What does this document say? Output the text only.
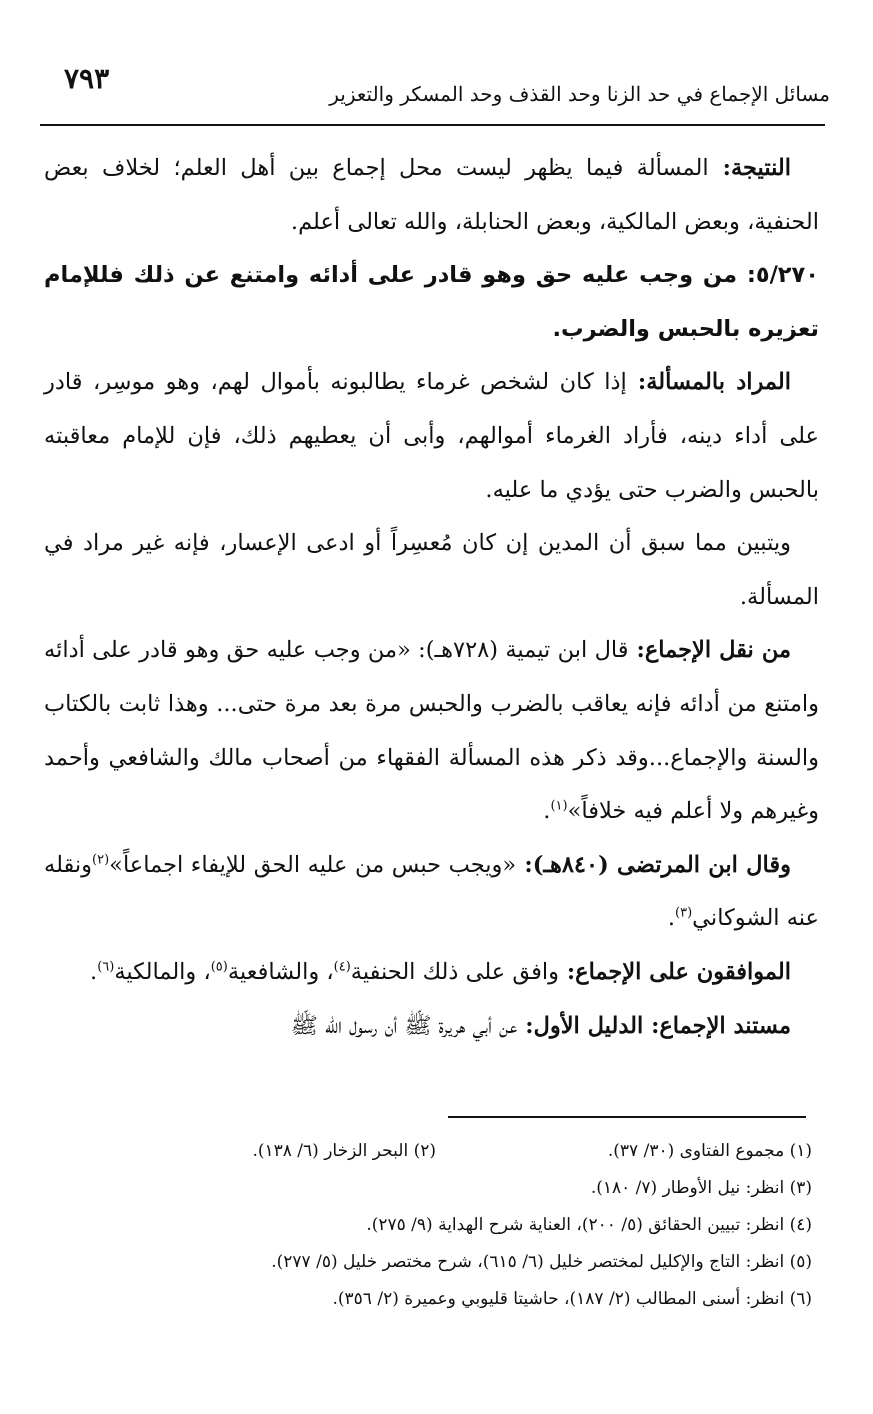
٧٩٣	مسائل الإجماع في حد الزنا وحد القذف وحد المسكر والتعزير

النتيجة: المسألة فيما يظهر ليست محل إجماع بين أهل العلم؛ لخلاف بعض الحنفية، وبعض المالكية، وبعض الحنابلة، والله تعالى أعلم.

٥/٢٧٠: من وجب عليه حق وهو قادر على أدائه وامتنع عن ذلك فللإمام تعزيره بالحبس والضرب.

المراد بالمسألة: إذا كان لشخص غرماء يطالبونه بأموال لهم، وهو موسِر، قادر على أداء دينه، فأراد الغرماء أموالهم، وأبى أن يعطيهم ذلك، فإن للإمام معاقبته بالحبس والضرب حتى يؤدي ما عليه.

ويتبين مما سبق أن المدين إن كان مُعسِراً أو ادعى الإعسار، فإنه غير مراد في المسألة.

من نقل الإجماع: قال ابن تيمية (٧٢٨هـ): «من وجب عليه حق وهو قادر على أدائه وامتنع من أدائه فإنه يعاقب بالضرب والحبس مرة بعد مرة حتى... وهذا ثابت بالكتاب والسنة والإجماع...وقد ذكر هذه المسألة الفقهاء من أصحاب مالك والشافعي وأحمد وغيرهم ولا أعلم فيه خلافاً»$^{(١)}$.

وقال ابن المرتضى (٨٤٠هـ): «ويجب حبس من عليه الحق للإيفاء اجماعاً»$^{(٢)}$ونقله عنه الشوكاني$^{(٣)}$.

الموافقون على الإجماع: وافق على ذلك الحنفية$^{(٤)}$، والشافعية$^{(٥)}$، والمالكية$^{(٦)}$.

مستند الإجماع: الدليل الأول: عن أبي هريرة ﷺ أن رسول الله ﷺ

(١) مجموع الفتاوى (٣٠/ ٣٧).
(٢) البحر الزخار (٦/ ١٣٨).
(٣) انظر: نيل الأوطار (٧/ ١٨٠).
(٤) انظر: تبيين الحقائق (٥/ ٢٠٠)، العناية شرح الهداية (٩/ ٢٧٥).
(٥) انظر: التاج والإكليل لمختصر خليل (٦/ ٦١٥)، شرح مختصر خليل (٥/ ٢٧٧).
(٦) انظر: أسنى المطالب (٢/ ١٨٧)، حاشيتا قليوبي وعميرة (٢/ ٣٥٦).
